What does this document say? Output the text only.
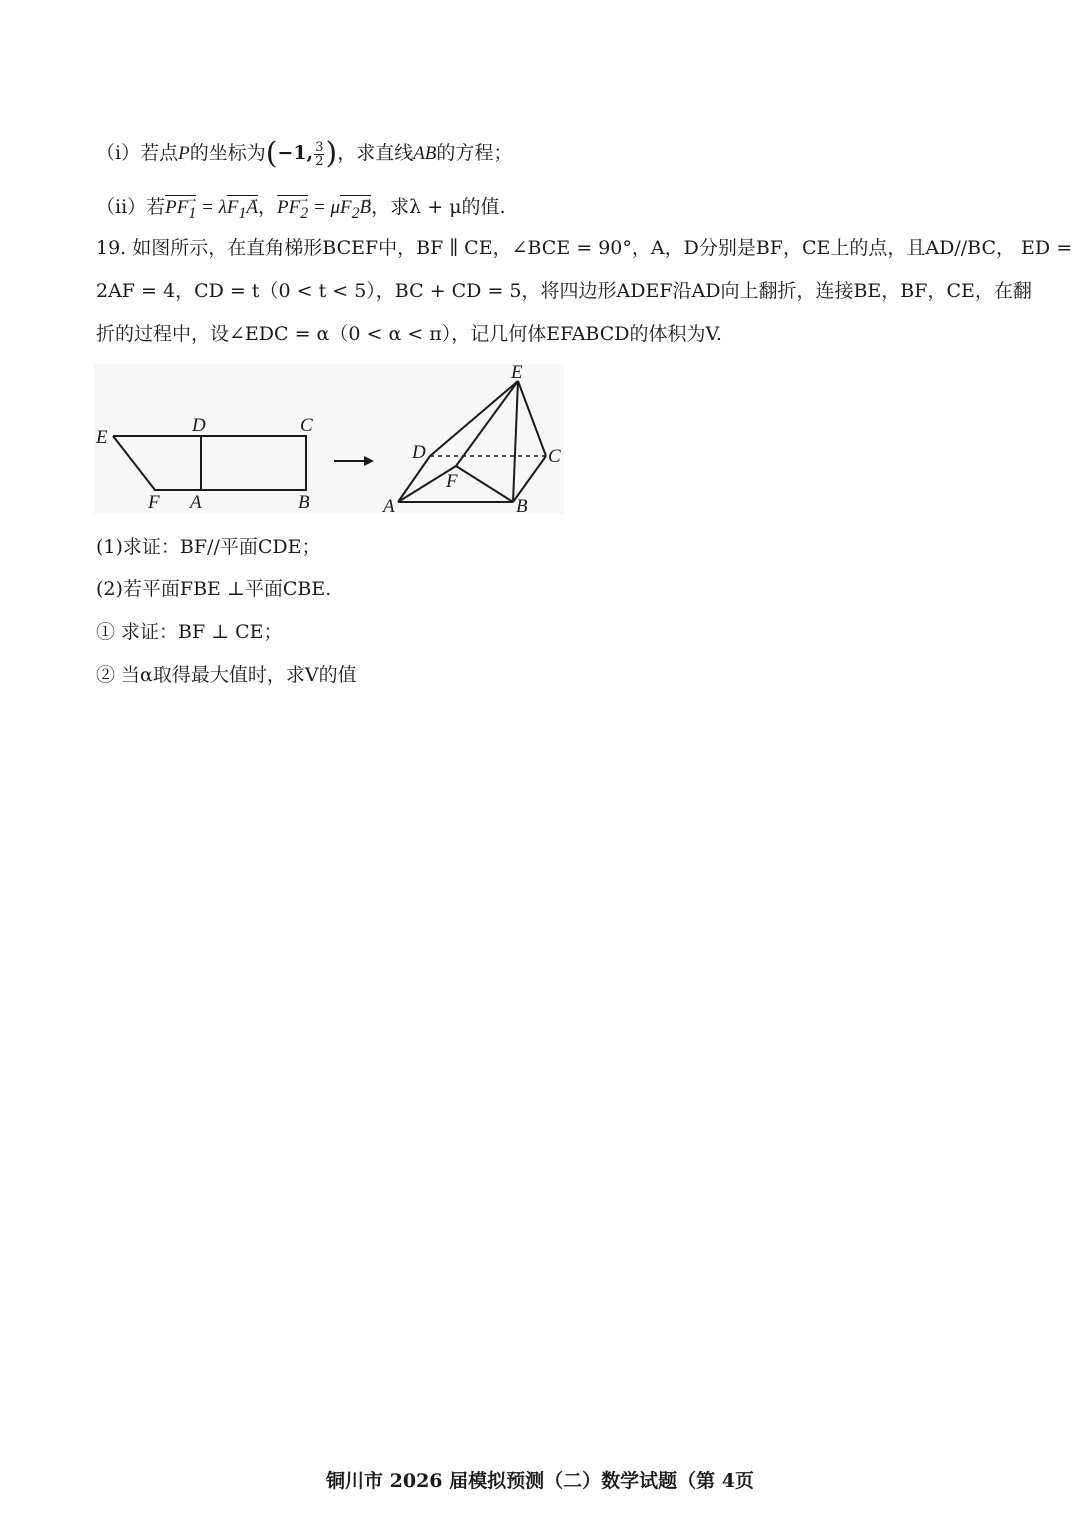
（i）若点P的坐标为(−1, $\frac{3}{2}$ )，求直线AB的方程；
（ii）若→ $PF_1 = \lambda\to F_1A$，→ $PF_2 = \mu\to F_2B$，求λ + μ的值.
19. 如图所示，在直角梯形BCEF中，BF ∥ CE，∠BCE = 90°，A，D分别是BF，CE上的点，且AD//BC， ED =
2AF = 4，CD = t（0 < t < 5），BC + CD = 5，将四边形ADEF沿AD向上翻折，连接BE，BF，CE，在翻
折的过程中，设∠EDC = α（0 < α < π），记几何体EFABCD的体积为V.
E
D	C
F A	B
E
D	C
F
A	B
(1)求证：BF//平面CDE；
(2)若平面FBE ⊥平面CBE.
① 求证：BF ⊥ CE；
② 当α取得最大值时，求V的值
铜川市 2026 届模拟预测（二）数学试题（第 4页
